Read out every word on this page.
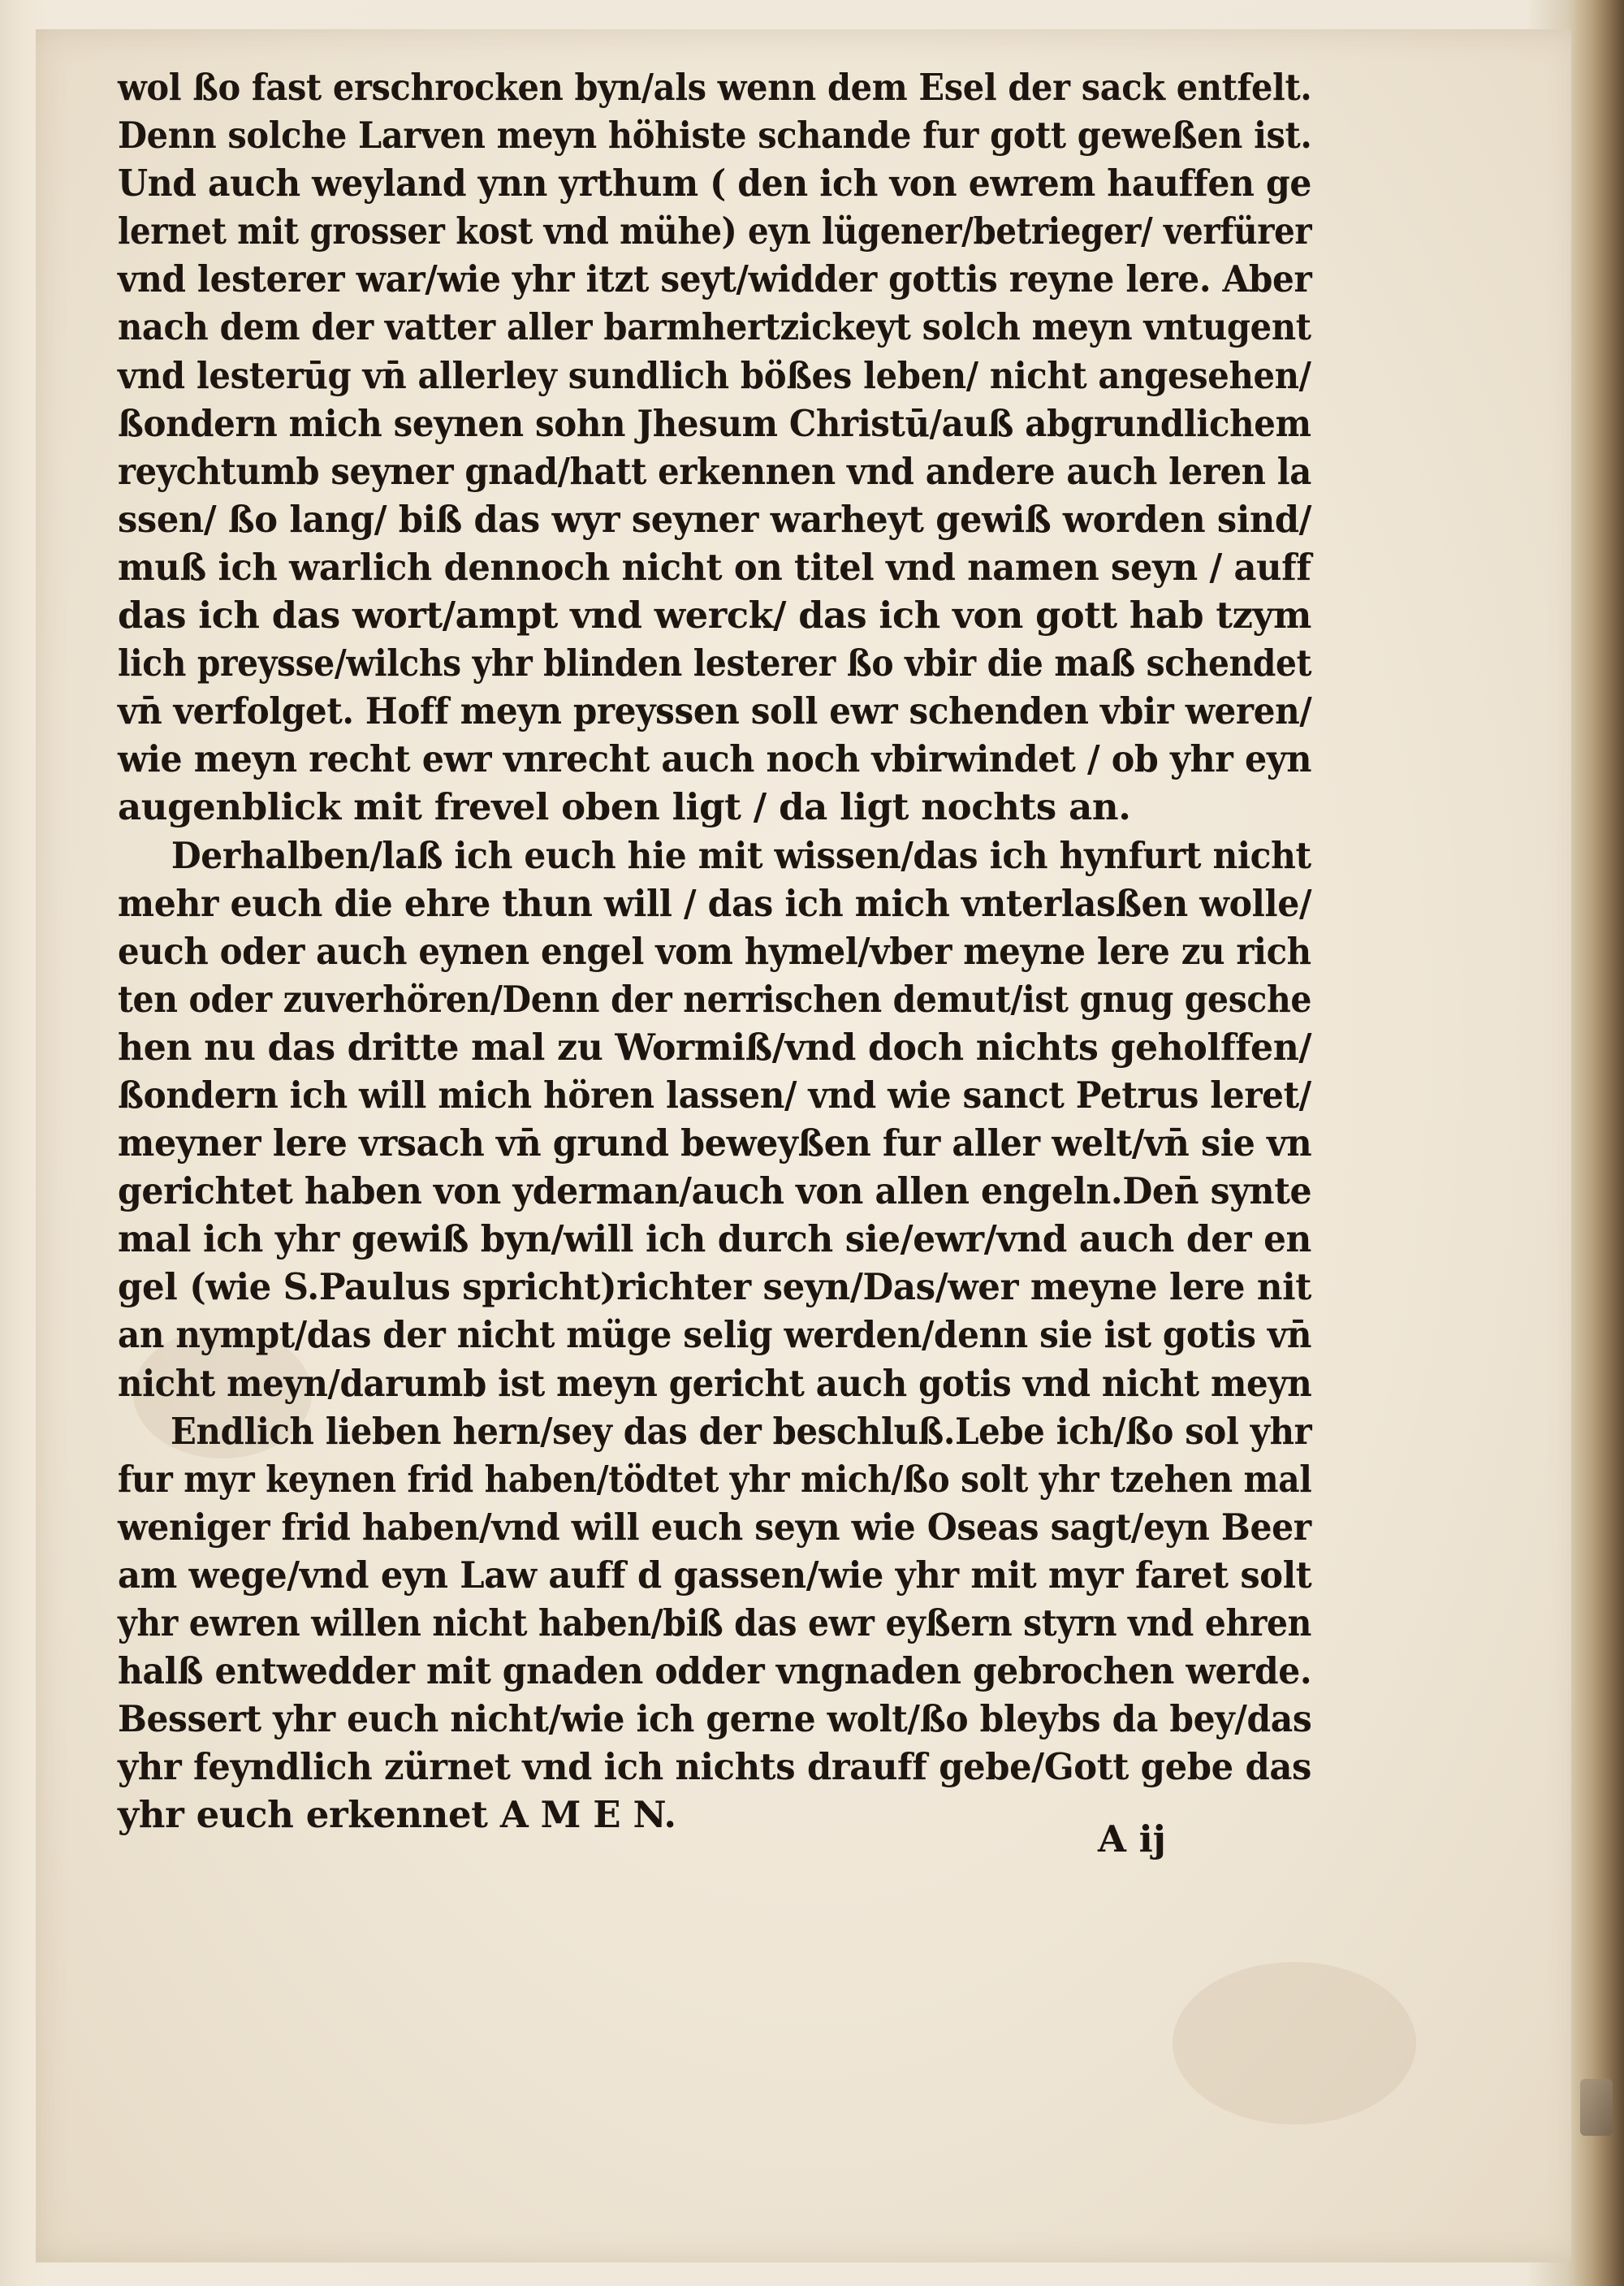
wol ßo fast erschrocken byn/als wenn dem Esel der sack entfelt.
Denn solche Larven meyn höhiste schande fur gott geweßen ist.
Und auch weyland ynn yrthum ( den ich von ewrem hauffen ge
lernet mit grosser kost vnd mühe) eyn lügener/betrieger/ verfürer
vnd lesterer war/wie yhr itzt seyt/widder gottis reyne lere. Aber
nach dem der vatter aller barmhertzickeyt solch meyn vntugent
vnd lesterūg vn̄ allerley sundlich bößes leben/ nicht angesehen/
ßondern mich seynen sohn Jhesum Christū/auß abgrundlichem
reychtumb seyner gnad/hatt erkennen vnd andere auch leren la
ssen/ ßo lang/ biß das wyr seyner warheyt gewiß worden sind/
muß ich warlich dennoch nicht on titel vnd namen seyn / auff
das ich das wort/ampt vnd werck/ das ich von gott hab tzym
lich preysse/wilchs yhr blinden lesterer ßo vbir die maß schendet
vn̄ verfolget. Hoff meyn preyssen soll ewr schenden vbir weren/
wie meyn recht ewr vnrecht auch noch vbirwindet / ob yhr eyn
augenblick mit frevel oben ligt / da ligt nochts an.
Derhalben/laß ich euch hie mit wissen/das ich hynfurt nicht
mehr euch die ehre thun will / das ich mich vnterlasßen wolle/
euch oder auch eynen engel vom hymel/vber meyne lere zu rich
ten oder zuverhören/Denn der nerrischen demut/ist gnug gesche
hen nu das dritte mal zu Wormiß/vnd doch nichts geholffen/
ßondern ich will mich hören lassen/ vnd wie sanct Petrus leret/
meyner lere vrsach vn̄ grund beweyßen fur aller welt/vn̄ sie vn
gerichtet haben von yderman/auch von allen engeln.Den̄ synte
mal ich yhr gewiß byn/will ich durch sie/ewr/vnd auch der en
gel (wie S.Paulus spricht)richter seyn/Das/wer meyne lere nit
an nympt/das der nicht müge selig werden/denn sie ist gotis vn̄
nicht meyn/darumb ist meyn gericht auch gotis vnd nicht meyn
Endlich lieben hern/sey das der beschluß.Lebe ich/ßo sol yhr
fur myr keynen frid haben/tödtet yhr mich/ßo solt yhr tzehen mal
weniger frid haben/vnd will euch seyn wie Oseas sagt/eyn Beer
am wege/vnd eyn Law auff d gassen/wie yhr mit myr faret solt
yhr ewren willen nicht haben/biß das ewr eyßern styrn vnd ehren
halß entwedder mit gnaden odder vngnaden gebrochen werde.
Bessert yhr euch nicht/wie ich gerne wolt/ßo bleybs da bey/das
yhr feyndlich zürnet vnd ich nichts drauff gebe/Gott gebe das
yhr euch erkennet A M E N.
A ij
